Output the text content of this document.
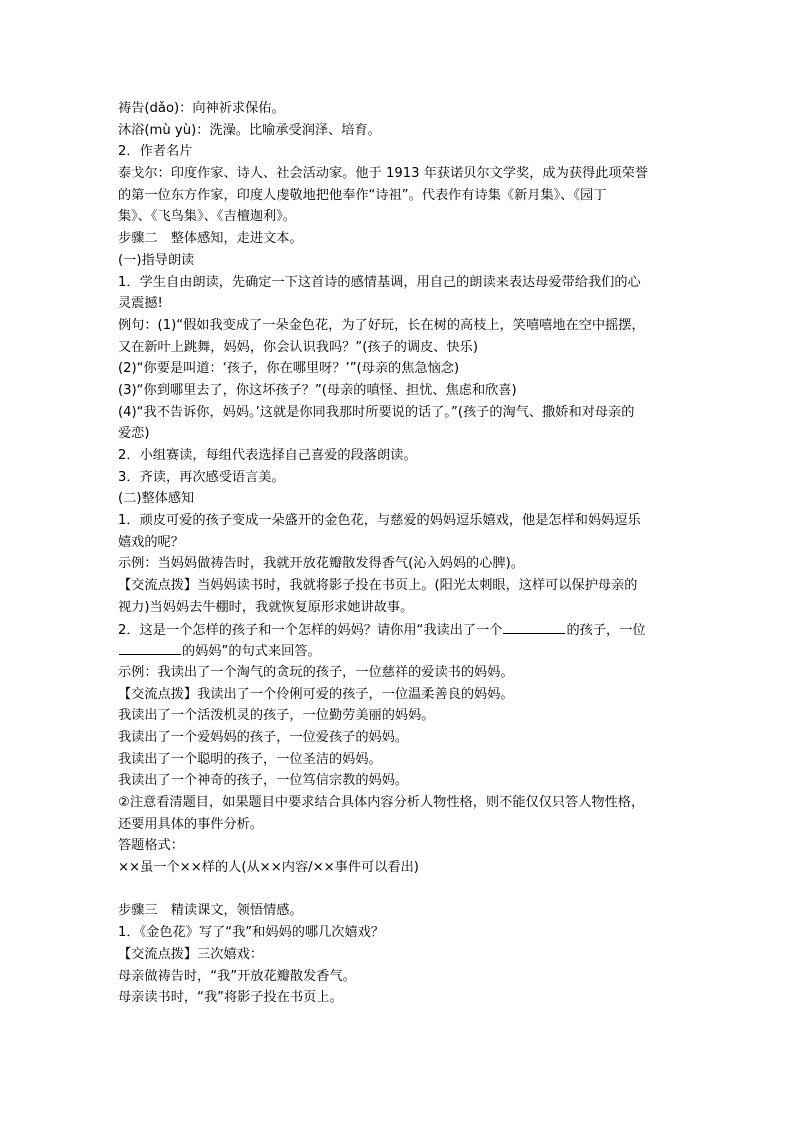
祷告(dǎo)：向神祈求保佑。
沐浴(mù yù)：洗澡。比喻承受润泽、培育。
2．作者名片
泰戈尔：印度作家、诗人、社会活动家。他于 1913 年获诺贝尔文学奖，成为获得此项荣誉
的第一位东方作家，印度人虔敬地把他奉作“诗祖”。代表作有诗集《新月集》、《园丁
集》、《飞鸟集》、《吉檀迦利》。
步骤二　整体感知，走进文本。
(一)指导朗读
1．学生自由朗读，先确定一下这首诗的感情基调，用自己的朗读来表达母爱带给我们的心
灵震撼!
例句：(1)“假如我变成了一朵金色花，为了好玩，长在树的高枝上，笑嘻嘻地在空中摇摆，
又在新叶上跳舞，妈妈，你会认识我吗？”(孩子的调皮、快乐)
(2)“你要是叫道：‘孩子，你在哪里呀？’”(母亲的焦急恼念)
(3)“你到哪里去了，你这坏孩子？”(母亲的嗔怪、担忧、焦虑和欣喜)
(4)“我不告诉你，妈妈。’这就是你同我那时所要说的话了。”(孩子的淘气、撒娇和对母亲的
爱恋)
2．小组赛读，每组代表选择自己喜爱的段落朗读。
3．齐读，再次感受语言美。
(二)整体感知
1．顽皮可爱的孩子变成一朵盛开的金色花，与慈爱的妈妈逗乐嬉戏，他是怎样和妈妈逗乐
嬉戏的呢？
示例：当妈妈做祷告时，我就开放花瓣散发得香气(沁入妈妈的心脾)。
【交流点拨】当妈妈读书时，我就将影子投在书页上。(阳光太刺眼，这样可以保护母亲的
视力)当妈妈去牛棚时，我就恢复原形求她讲故事。
2．这是一个怎样的孩子和一个怎样的妈妈？请你用“我读出了一个	的孩子，一位
的妈妈”的句式来回答。
示例：我读出了一个淘气的贪玩的孩子，一位慈祥的爱读书的妈妈。
【交流点拨】我读出了一个伶俐可爱的孩子，一位温柔善良的妈妈。
我读出了一个活泼机灵的孩子，一位勤劳美丽的妈妈。
我读出了一个爱妈妈的孩子，一位爱孩子的妈妈。
我读出了一个聪明的孩子，一位圣洁的妈妈。
我读出了一个神奇的孩子，一位笃信宗教的妈妈。
②注意看清题目，如果题目中要求结合具体内容分析人物性格，则不能仅仅只答人物性格，
还要用具体的事件分析。
答题格式：
××虽一个××样的人(从××内容/××事件可以看出)
步骤三　精读课文，领悟情感。
1．《金色花》写了“我”和妈妈的哪几次嬉戏？
【交流点拨】三次嬉戏：
母亲做祷告时，“我”开放花瓣散发香气。
母亲读书时，“我”将影子投在书页上。
